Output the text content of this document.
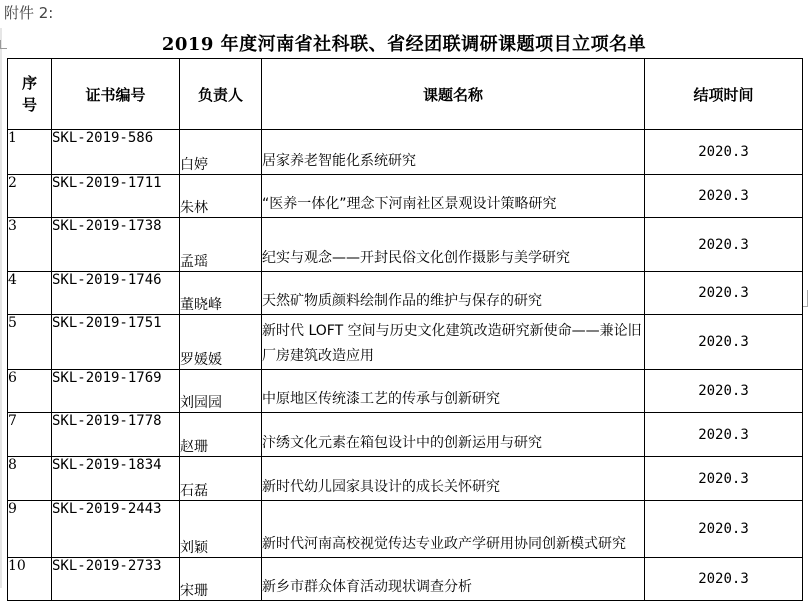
附件 2:
2019 年度河南省社科联、省经团联调研课题项目立项名单
序
号	证书编号	负责人	课题名称	结项时间
1	SKL-2019-586	白婷	居家养老智能化系统研究	2020.3
2	SKL-2019-1711	朱林	“医养一体化”理念下河南社区景观设计策略研究	2020.3
3	SKL-2019-1738	孟瑶	纪实与观念——开封民俗文化创作摄影与美学研究	2020.3
4	SKL-2019-1746	董晓峰	天然矿物质颜料绘制作品的维护与保存的研究	2020.3
5	SKL-2019-1751	罗媛媛	新时代 LOFT 空间与历史文化建筑改造研究新使命——兼论旧厂房建筑改造应用	2020.3
6	SKL-2019-1769	刘园园	中原地区传统漆工艺的传承与创新研究	2020.3
7	SKL-2019-1778	赵珊	汴绣文化元素在箱包设计中的创新运用与研究	2020.3
8	SKL-2019-1834	石磊	新时代幼儿园家具设计的成长关怀研究	2020.3
9	SKL-2019-2443	刘颖	新时代河南高校视觉传达专业政产学研用协同创新模式研究	2020.3
10	SKL-2019-2733	宋珊	新乡市群众体育活动现状调查分析	2020.3
